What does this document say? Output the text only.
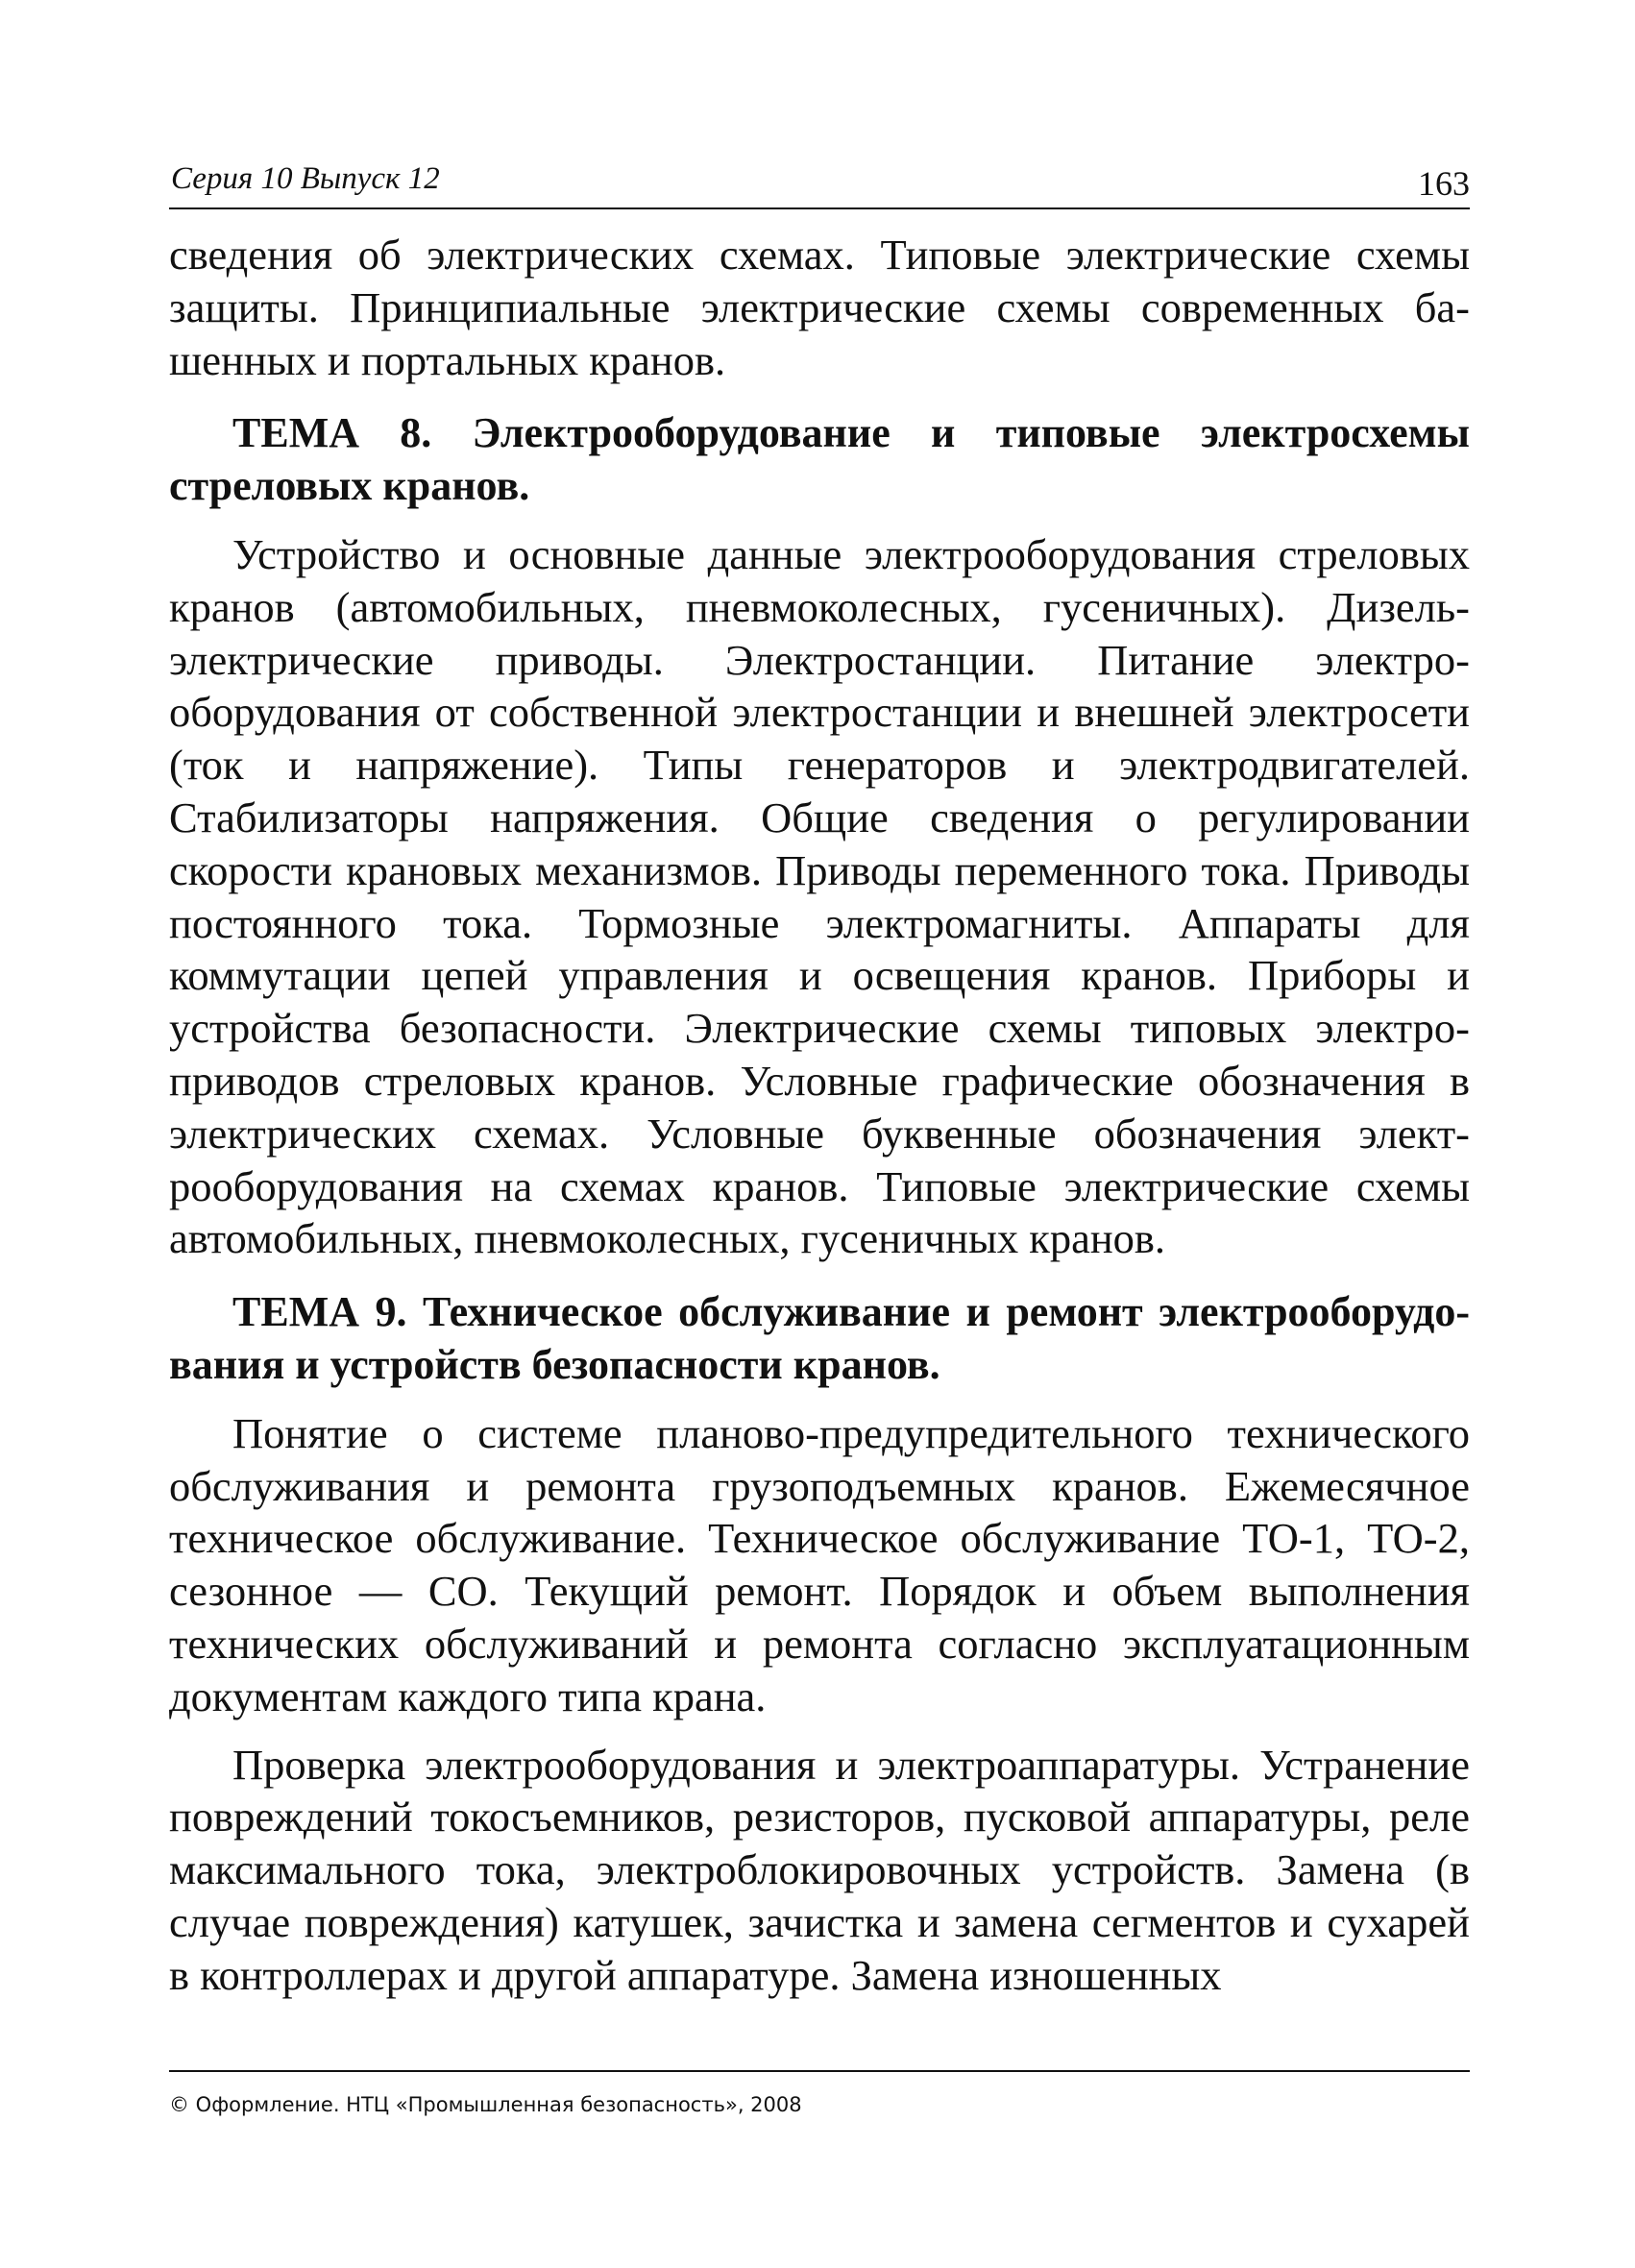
Серия 10 Выпуск 12	163

сведения об электрических схемах. Типовые электрические схемы защиты. Принципиальные электрические схемы современных башенных и портальных кранов.

ТЕМА 8. Электрооборудование и типовые электросхемы стреловых кранов.

Устройство и основные данные электрооборудования стреловых кранов (автомобильных, пневмоколесных, гусеничных). Дизель-электрические приводы. Электростанции. Питание электрооборудования от собственной электростанции и внешней электросети (ток и напряжение). Типы генераторов и электродвигателей. Стабилизаторы напряжения. Общие сведения о регулировании скорости крановых механизмов. Приводы переменного тока. Приводы постоянного тока. Тормозные электромагниты. Аппараты для коммутации цепей управления и освещения кранов. Приборы и устройства безопасности. Электрические схемы типовых электроприводов стреловых кранов. Условные графические обозначения в электрических схемах. Условные буквенные обозначения электрооборудования на схемах кранов. Типовые электрические схемы автомобильных, пневмоколесных, гусеничных кранов.

ТЕМА 9. Техническое обслуживание и ремонт электрооборудования и устройств безопасности кранов.

Понятие о системе планово-предупредительного технического обслуживания и ремонта грузоподъемных кранов. Ежемесячное техническое обслуживание. Техническое обслуживание ТО-1, ТО-2, сезонное — СО. Текущий ремонт. Порядок и объем выполнения технических обслуживаний и ремонта согласно эксплуатационным документам каждого типа крана.

Проверка электрооборудования и электроаппаратуры. Устранение повреждений токосъемников, резисторов, пусковой аппаратуры, реле максимального тока, электроблокировочных устройств. Замена (в случае повреждения) катушек, зачистка и замена сегментов и сухарей в контроллерах и другой аппаратуре. Замена изношенных

© Оформление. НТЦ «Промышленная безопасность», 2008
